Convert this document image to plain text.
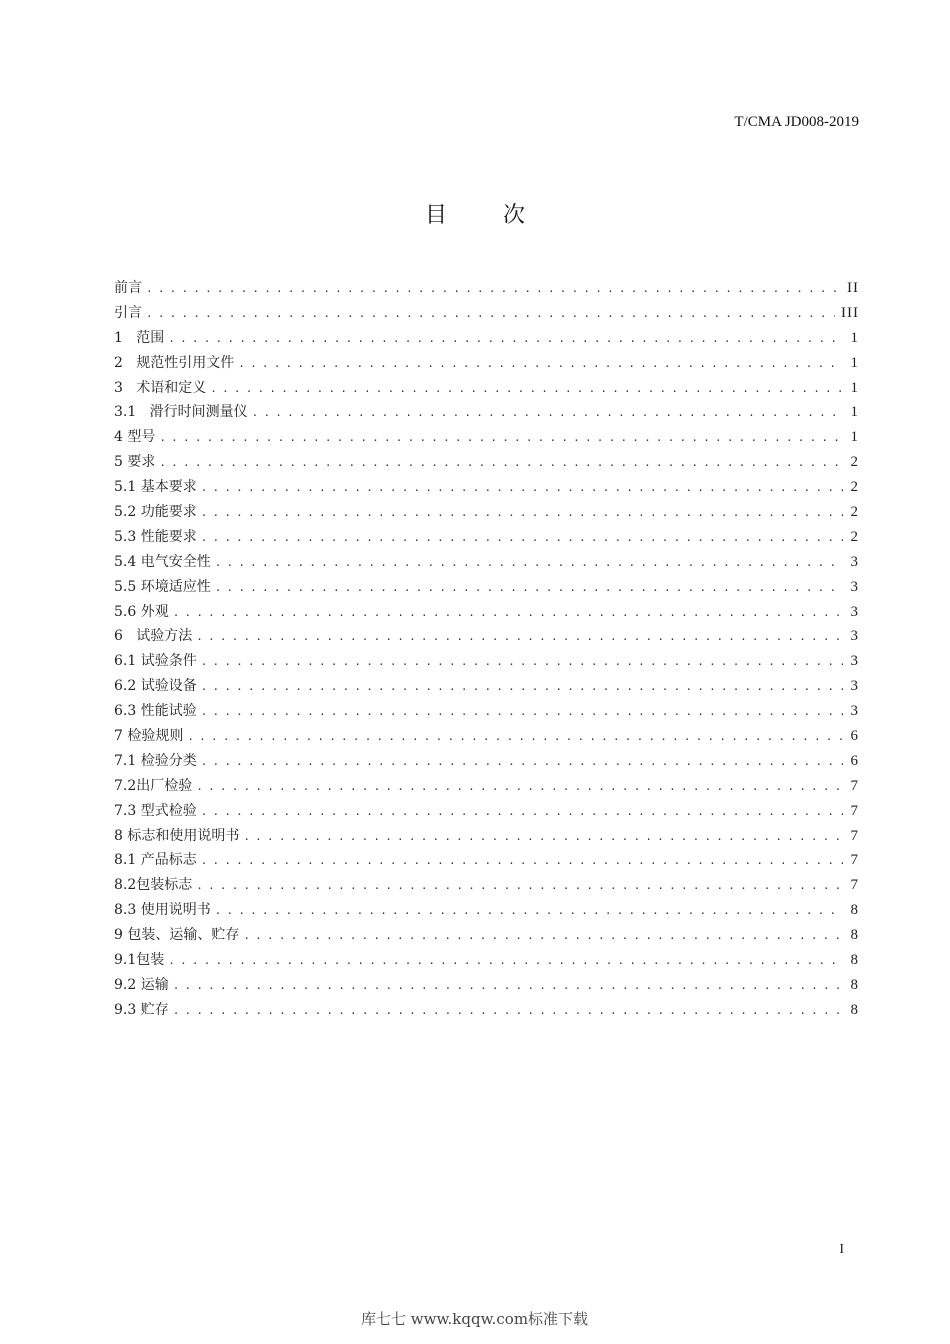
T/CMA JD008-2019
目	次
前言 .....	II
引言 .....	III
1   范围 .....	1
2   规范性引用文件 .....	1
3   术语和定义 .....	1
3.1   滑行时间测量仪 .....	1
4 型号 .....	1
5 要求 .....	2
5.1 基本要求 .....	2
5.2 功能要求 .....	2
5.3 性能要求 .....	2
5.4 电气安全性 .....	3
5.5 环境适应性 .....	3
5.6 外观 .....	3
6   试验方法 .....	3
6.1 试验条件 .....	3
6.2 试验设备 .....	3
6.3 性能试验 .....	3
7 检验规则 .....	6
7.1 检验分类 .....	6
7.2出厂检验 .....	7
7.3 型式检验 .....	7
8 标志和使用说明书 .....	7
8.1 产品标志 .....	7
8.2包装标志 .....	7
8.3 使用说明书 .....	8
9 包装、运输、贮存 .....	8
9.1包装 .....	8
9.2 运输 .....	8
9.3 贮存 .....	8
I
库七七 www.kqqw.com标准下载
